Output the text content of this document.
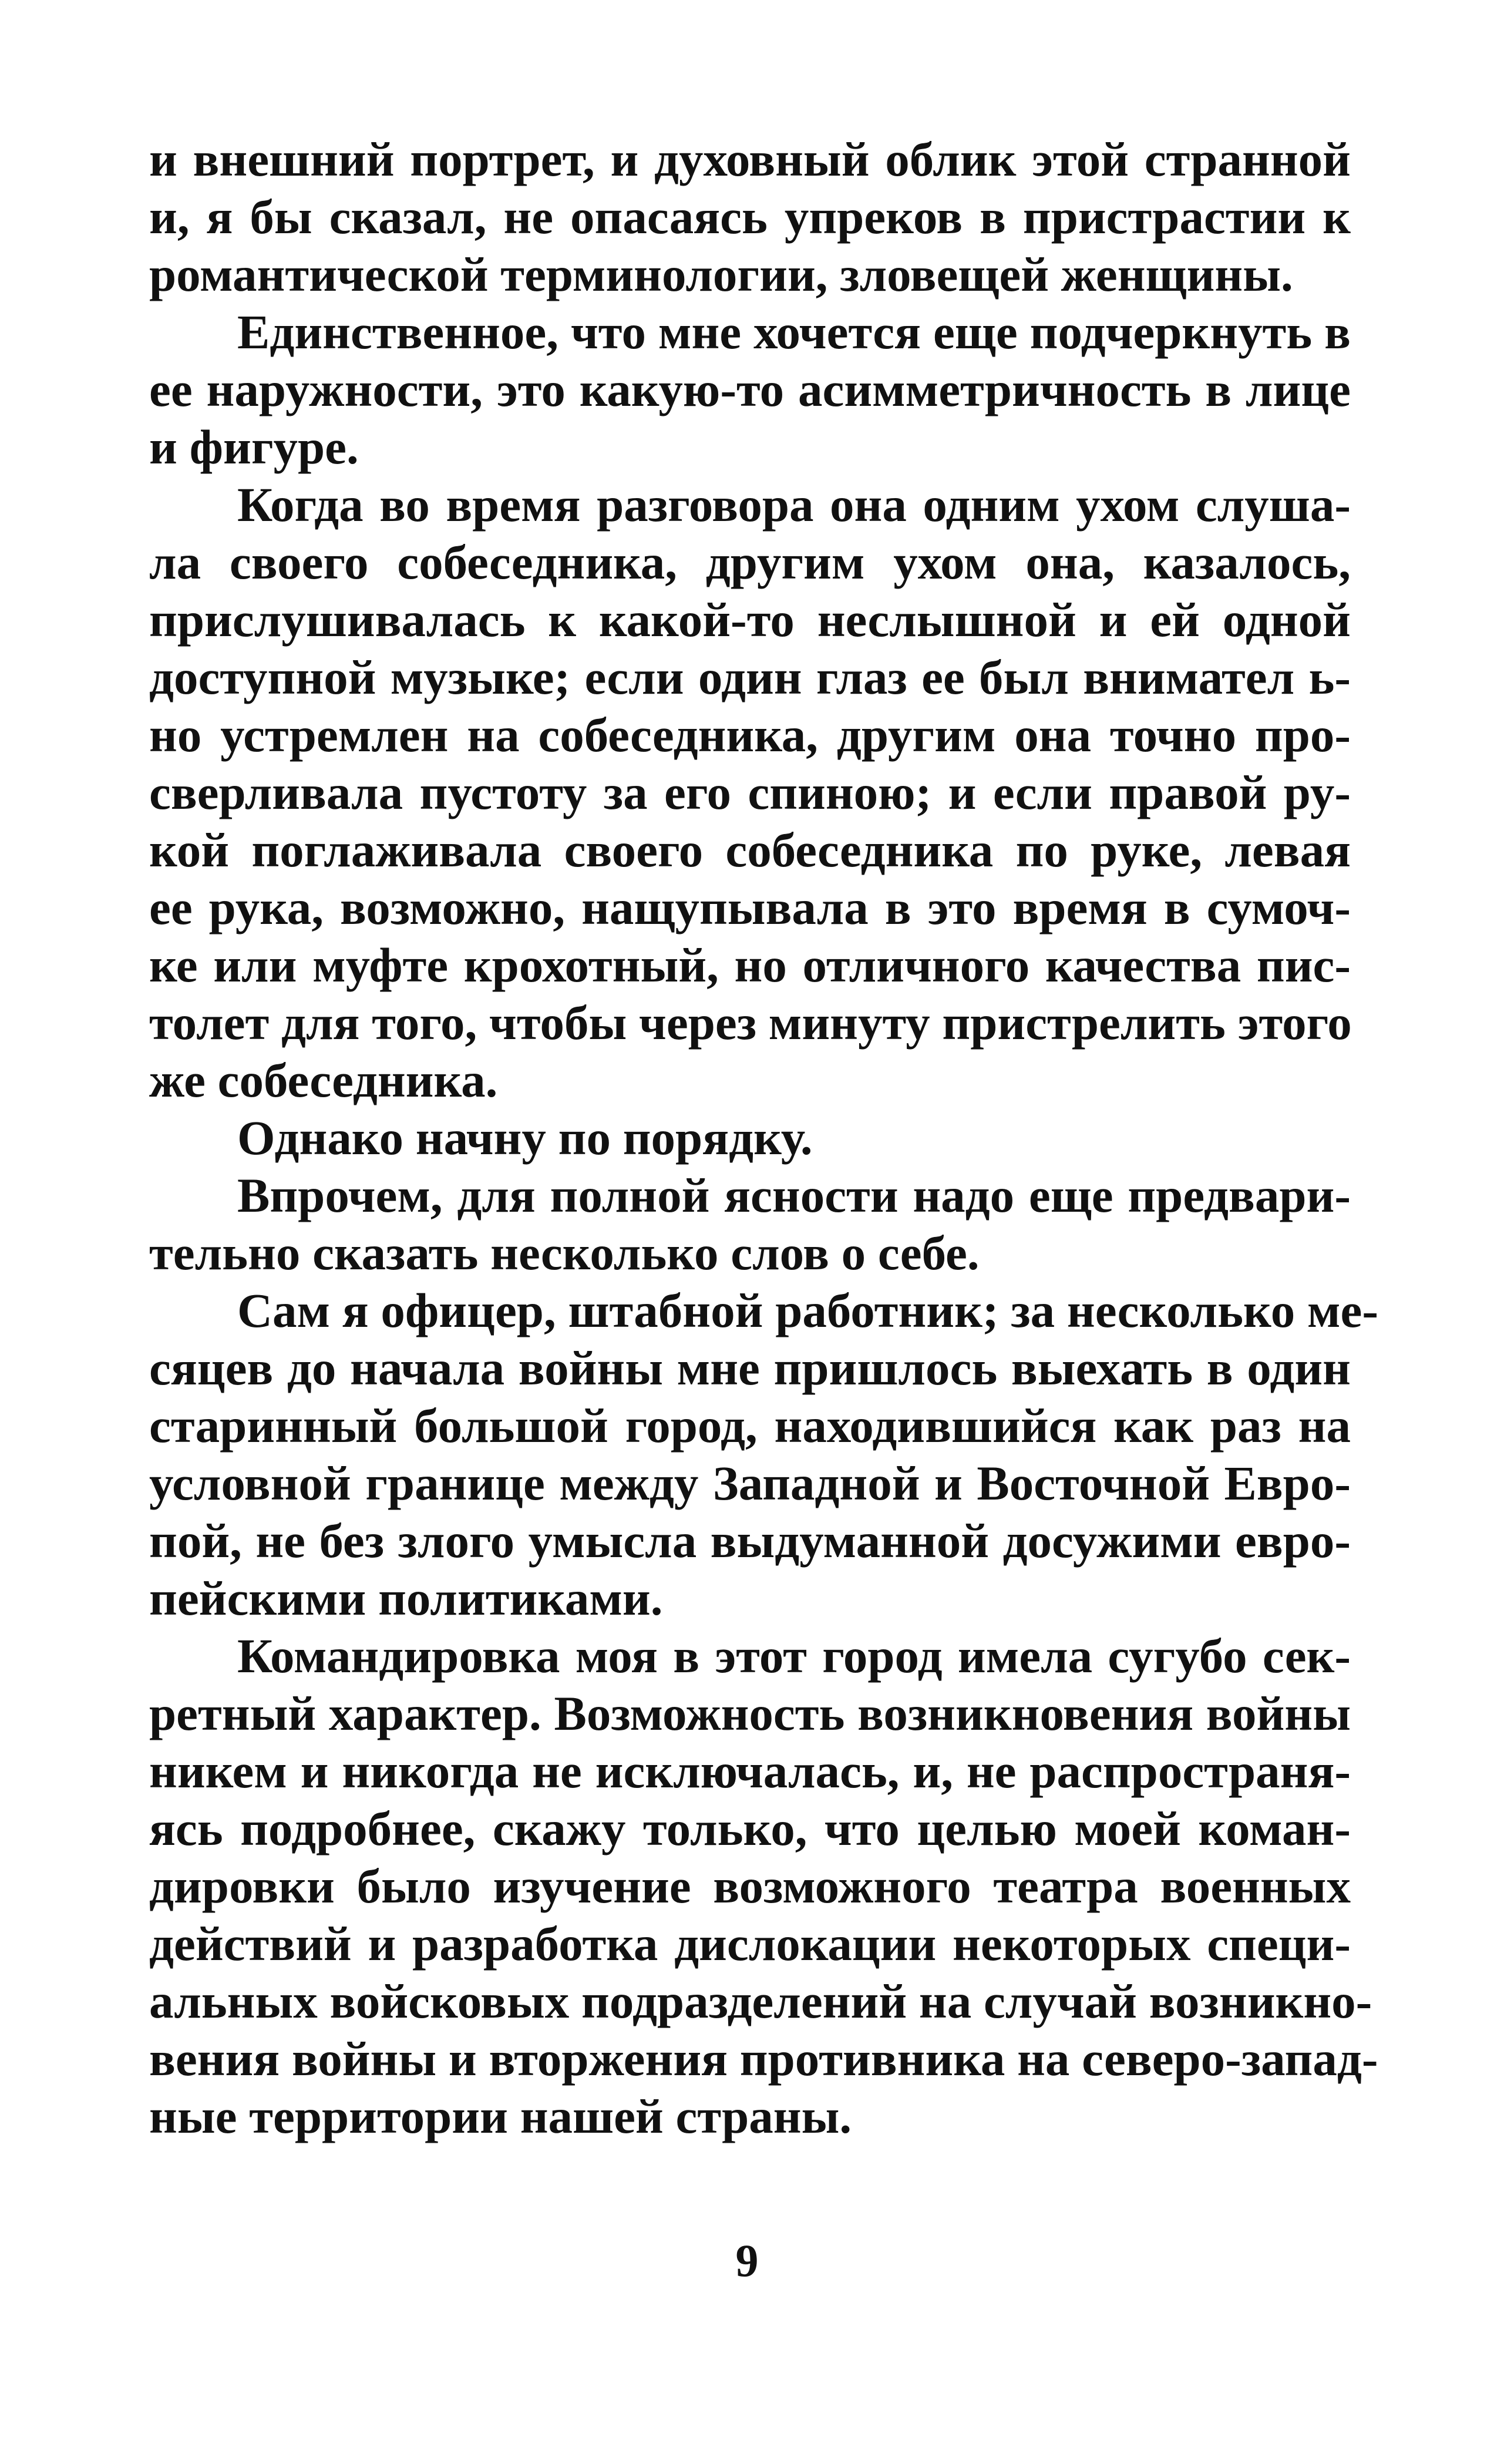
и внешний портрет, и духовный облик этой странной
и, я бы сказал, не опасаясь упреков в пристрастии к
романтической терминологии, зловещей женщины.
Единственное, что мне хочется еще подчеркнуть в
ее наружности, это какую-то асимметричность в лице
и фигуре.
Когда во время разговора она одним ухом слуша-
ла своего собеседника, другим ухом она, казалось,
прислушивалась к какой-то неслышной и ей одной
доступной музыке; если один глаз ее был внимател ь-
но устремлен на собеседника, другим она точно про-
сверливала пустоту за его спиною; и если правой ру-
кой поглаживала своего собеседника по руке, левая
ее рука, возможно, нащупывала в это время в сумоч-
ке или муфте крохотный, но отличного качества пис-
толет для того, чтобы через минуту пристрелить этого
же собеседника.
Однако начну по порядку.
Впрочем, для полной ясности надо еще предвари-
тельно сказать несколько слов о себе.
Сам я офицер, штабной работник; за несколько ме-
сяцев до начала войны мне пришлось выехать в один
старинный большой город, находившийся как раз на
условной границе между Западной и Восточной Евро-
пой, не без злого умысла выдуманной досужими евро-
пейскими политиками.
Командировка моя в этот город имела сугубо сек-
ретный характер. Возможность возникновения войны
никем и никогда не исключалась, и, не распространя-
ясь подробнее, скажу только, что целью моей коман-
дировки было изучение возможного театра военных
действий и разработка дислокации некоторых специ-
альных войсковых подразделений на случай возникно-
вения войны и вторжения противника на северо-запад-
ные территории нашей страны.
9
